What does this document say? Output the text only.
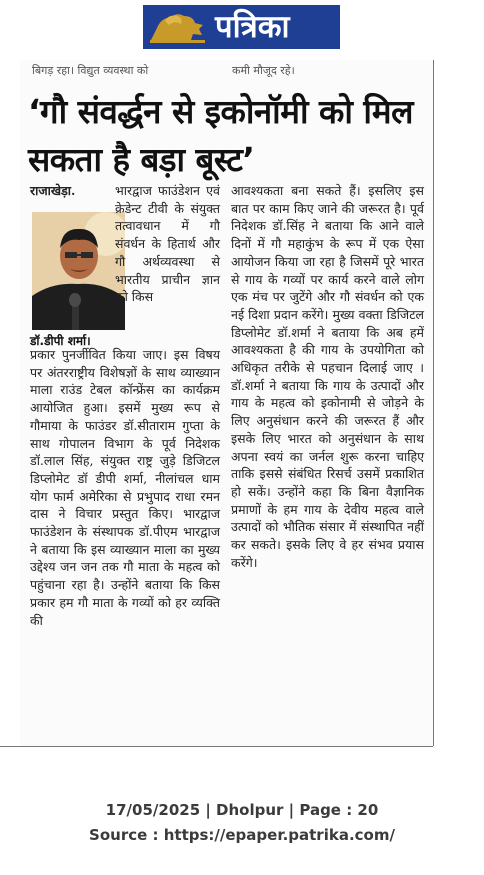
पत्रिका
बिगड़ रहा। विद्युत व्यवस्था को	कमी मौजूद रहे।
‘गौ संवर्द्धन से इकोनॉमी को मिल सकता है बड़ा बूस्ट’
डॉ.डीपी शर्मा।

राजाखेड़ा.	भारद्वाज फाउंडेशन एवं क्रेडेन्ट टीवी के संयुक्त तत्वावधान में गौ संवर्धन के हितार्थ और गौ अर्थव्यवस्था से भारतीय प्राचीन ज्ञान को किस
प्रकार पुनर्जीवित किया जाए। इस विषय पर अंतरराष्ट्रीय विशेषज्ञों के साथ व्याख्यान माला राउंड टेबल कॉन्फ्रेंस का कार्यक्रम आयोजित हुआ। इसमें मुख्य रूप से गौमाया के फाउंडर डॉ.सीताराम गुप्ता के साथ गोपालन विभाग के पूर्व निदेशक डॉ.लाल सिंह, संयुक्त राष्ट्र जुड़े डिजिटल डिप्लोमेट डॉ डीपी शर्मा, नीलांचल धाम योग फार्म अमेरिका से प्रभुपाद राधा रमन दास ने विचार प्रस्तुत किए। भारद्वाज फाउंडेशन के संस्थापक डॉ.पीएम भारद्वाज ने बताया कि इस व्याख्यान माला का मुख्य उद्देश्य जन जन तक गौ माता के महत्व को पहुंचाना रहा है। उन्होंने बताया कि किस प्रकार हम गौ माता के गव्यों को हर व्यक्ति की
आवश्यकता बना सकते हैं। इसलिए इस बात पर काम किए जाने की जरूरत है। पूर्व निदेशक डॉ.सिंह ने बताया कि आने वाले दिनों में गौ महाकुंभ के रूप में एक ऐसा आयोजन किया जा रहा है जिसमें पूरे भारत से गाय के गव्यों पर कार्य करने वाले लोग एक मंच पर जुटेंगे और गौ संवर्धन को एक नई दिशा प्रदान करेंगे। मुख्य वक्ता डिजिटल डिप्लोमेट डॉ.शर्मा ने बताया कि अब हमें आवश्यकता है की गाय के उपयोगिता को अधिकृत तरीके से पहचान दिलाई जाए । डॉ.शर्मा ने बताया कि गाय के उत्पादों और गाय के महत्व को इकोनामी से जोड़ने के लिए अनुसंधान करने की जरूरत हैं और इसके लिए भारत को अनुसंधान के साथ अपना स्वयं का जर्नल शुरू करना चाहिए ताकि इससे संबंधित रिसर्च उसमें प्रकाशित हो सकें। उन्होंने कहा कि बिना वैज्ञानिक प्रमाणों के हम गाय के देवीय महत्व वाले उत्पादों को भौतिक संसार में संस्थापित नहीं कर सकते। इसके लिए वे हर संभव प्रयास करेंगे।
17/05/2025 | Dholpur | Page : 20
Source : https://epaper.patrika.com/
